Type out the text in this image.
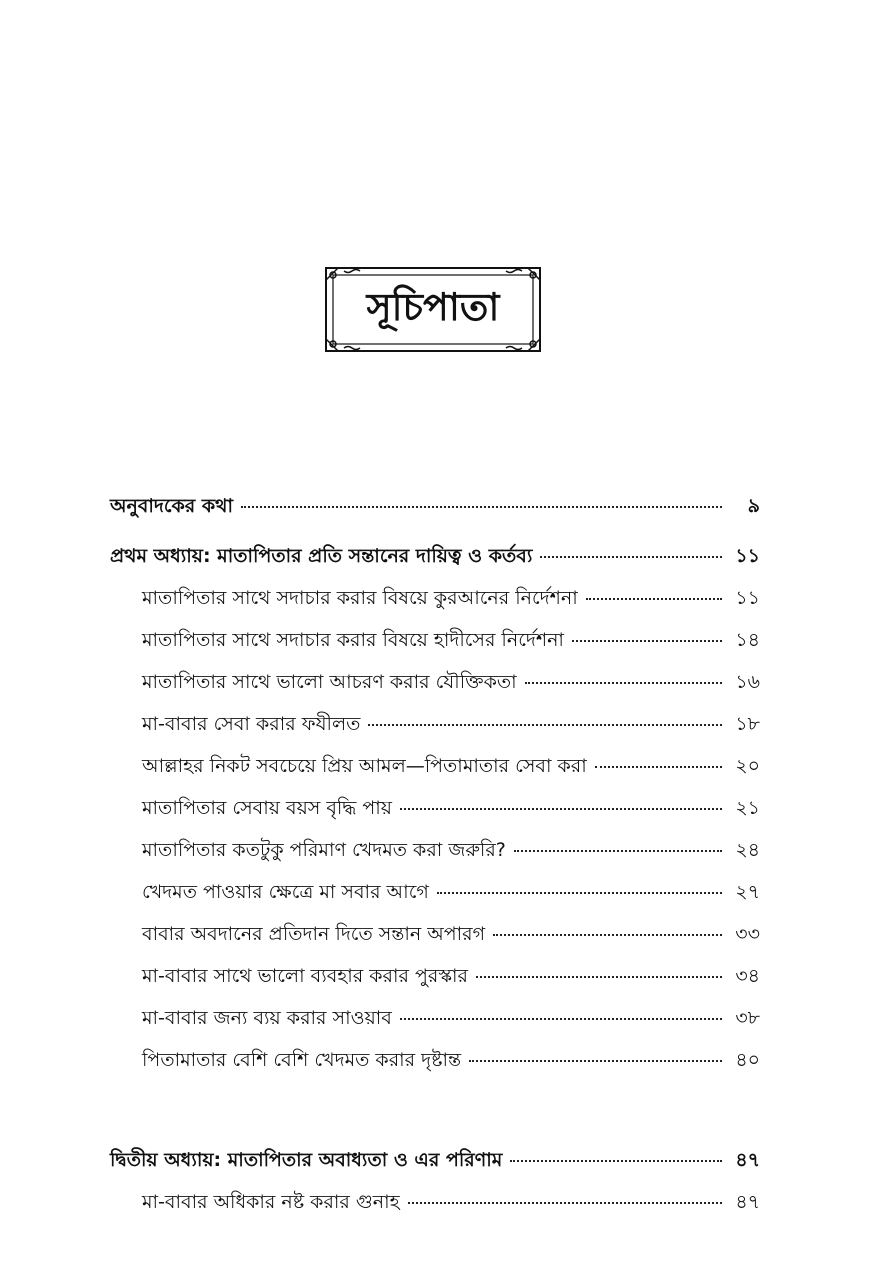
সূচিপাতা
অনুবাদকের কথা	৯
প্রথম অধ্যায়: মাতাপিতার প্রতি সন্তানের দায়িত্ব ও কর্তব্য	১১
মাতাপিতার সাথে সদাচার করার বিষয়ে কুরআনের নির্দেশনা	১১
মাতাপিতার সাথে সদাচার করার বিষয়ে হাদীসের নির্দেশনা	১৪
মাতাপিতার সাথে ভালো আচরণ করার যৌক্তিকতা	১৬
মা-বাবার সেবা করার ফযীলত	১৮
আল্লাহর নিকট সবচেয়ে প্রিয় আমল—পিতামাতার সেবা করা	২০
মাতাপিতার সেবায় বয়স বৃদ্ধি পায়	২১
মাতাপিতার কতটুকু পরিমাণ খেদমত করা জরুরি?	২৪
খেদমত পাওয়ার ক্ষেত্রে মা সবার আগে	২৭
বাবার অবদানের প্রতিদান দিতে সন্তান অপারগ	৩৩
মা-বাবার সাথে ভালো ব্যবহার করার পুরস্কার	৩৪
মা-বাবার জন্য ব্যয় করার সাওয়াব	৩৮
পিতামাতার বেশি বেশি খেদমত করার দৃষ্টান্ত	৪০
দ্বিতীয় অধ্যায়: মাতাপিতার অবাধ্যতা ও এর পরিণাম	৪৭
মা-বাবার অধিকার নষ্ট করার গুনাহ	৪৭
